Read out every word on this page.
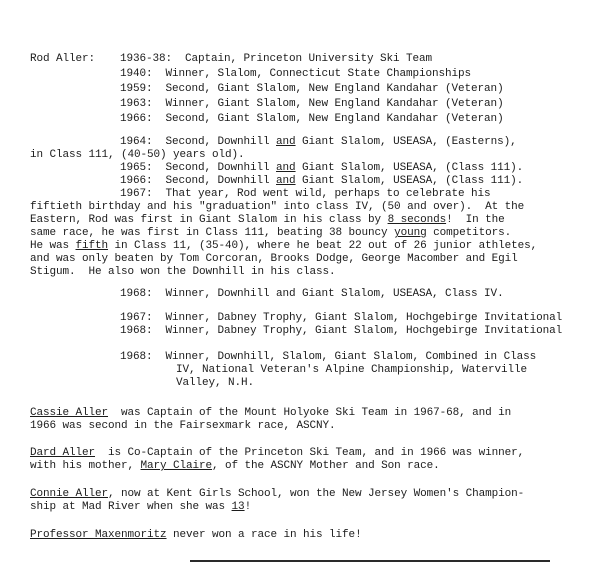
Rod Aller: 1936-38:  Captain, Princeton University Ski Team
1940:  Winner, Slalom, Connecticut State Championships
1959:  Second, Giant Slalom, New England Kandahar (Veteran)
1963:  Winner, Giant Slalom, New England Kandahar (Veteran)
1966:  Second, Giant Slalom, New England Kandahar (Veteran)
1964:  Second, Downhill and Giant Slalom, USEASA, (Easterns),
in Class 111, (40-50) years old).
1965:  Second, Downhill and Giant Slalom, USEASA, (Class 111).
1966:  Second, Downhill and Giant Slalom, USEASA, (Class 111).
1967:  That year, Rod went wild, perhaps to celebrate his
fiftieth birthday and his "graduation" into class IV, (50 and over).  At the
Eastern, Rod was first in Giant Slalom in his class by 8 seconds!  In the
same race, he was first in Class 111, beating 38 bouncy young competitors.
He was fifth in Class 11, (35-40), where he beat 22 out of 26 junior athletes,
and was only beaten by Tom Corcoran, Brooks Dodge, George Macomber and Egil
Stigum.  He also won the Downhill in his class.
1968:  Winner, Downhill and Giant Slalom, USEASA, Class IV.
1967:  Winner, Dabney Trophy, Giant Slalom, Hochgebirge Invitational
1968:  Winner, Dabney Trophy, Giant Slalom, Hochgebirge Invitational
1968:  Winner, Downhill, Slalom, Giant Slalom, Combined in Class
IV, National Veteran's Alpine Championship, Waterville
Valley, N.H.
Cassie Aller  was Captain of the Mount Holyoke Ski Team in 1967-68, and in
1966 was second in the Fairsexmark race, ASCNY.
Dard Aller  is Co-Captain of the Princeton Ski Team, and in 1966 was winner,
with his mother, Mary Claire, of the ASCNY Mother and Son race.
Connie Aller, now at Kent Girls School, won the New Jersey Women's Champion-
ship at Mad River when she was 13!
Professor Maxenmoritz never won a race in his life!
